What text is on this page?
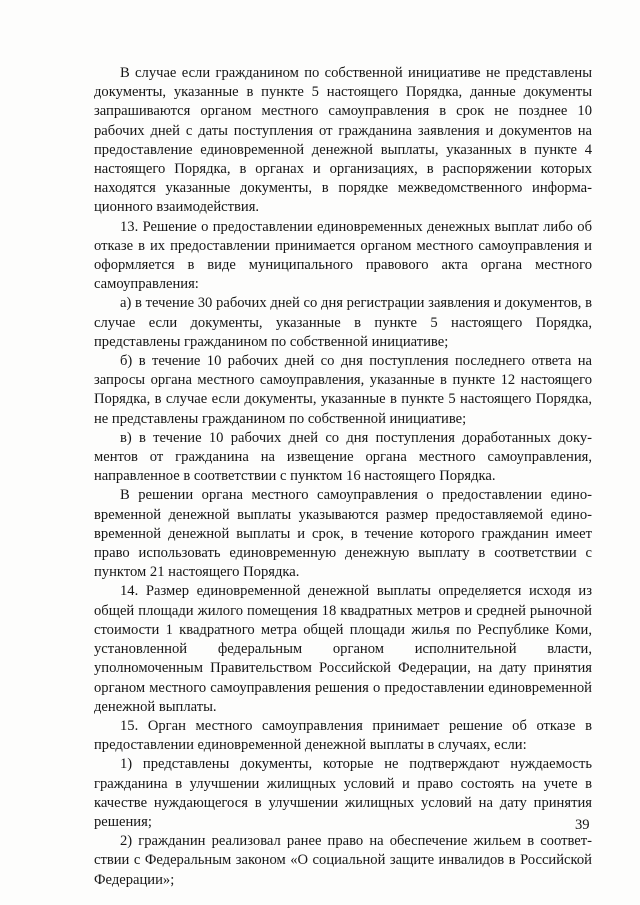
В случае если гражданином по собственной инициативе не представлены документы, указанные в пункте 5 настоящего Порядка, данные документы запрашиваются органом местного самоуправления в срок не позднее 10 рабочих дней с даты поступления от гражданина заявления и документов на предоставление единовременной денежной выплаты, указанных в пункте 4 настоящего Порядка, в органах и организациях, в распоряжении которых находятся указанные документы, в порядке межведомственного информационного взаимодействия.

13. Решение о предоставлении единовременных денежных выплат либо об отказе в их предоставлении принимается органом местного самоуправления и оформляется в виде муниципального правового акта органа местного самоуправления:

а) в течение 30 рабочих дней со дня регистрации заявления и документов, в случае если документы, указанные в пункте 5 настоящего Порядка, представлены гражданином по собственной инициативе;

б) в течение 10 рабочих дней со дня поступления последнего ответа на запросы органа местного самоуправления, указанные в пункте 12 настоящего Порядка, в случае если документы, указанные в пункте 5 настоящего Порядка, не представлены гражданином по собственной инициативе;

в) в течение 10 рабочих дней со дня поступления доработанных документов от гражданина на извещение органа местного самоуправления, направленное в соответствии с пунктом 16 настоящего Порядка.

В решении органа местного самоуправления о предоставлении единовременной денежной выплаты указываются размер предоставляемой единовременной денежной выплаты и срок, в течение которого гражданин имеет право использовать единовременную денежную выплату в соответствии с пунктом 21 настоящего Порядка.

14. Размер единовременной денежной выплаты определяется исходя из общей площади жилого помещения 18 квадратных метров и средней рыночной стоимости 1 квадратного метра общей площади жилья по Республике Коми, установленной федеральным органом исполнительной власти, уполномоченным Правительством Российской Федерации, на дату принятия органом местного самоуправления решения о предоставлении единовременной денежной выплаты.

15. Орган местного самоуправления принимает решение об отказе в предоставлении единовременной денежной выплаты в случаях, если:

1) представлены документы, которые не подтверждают нуждаемость гражданина в улучшении жилищных условий и право состоять на учете в качестве нуждающегося в улучшении жилищных условий на дату принятия решения;

2) гражданин реализовал ранее право на обеспечение жильем в соответствии с Федеральным законом «О социальной защите инвалидов в Российской Федерации»;

39
